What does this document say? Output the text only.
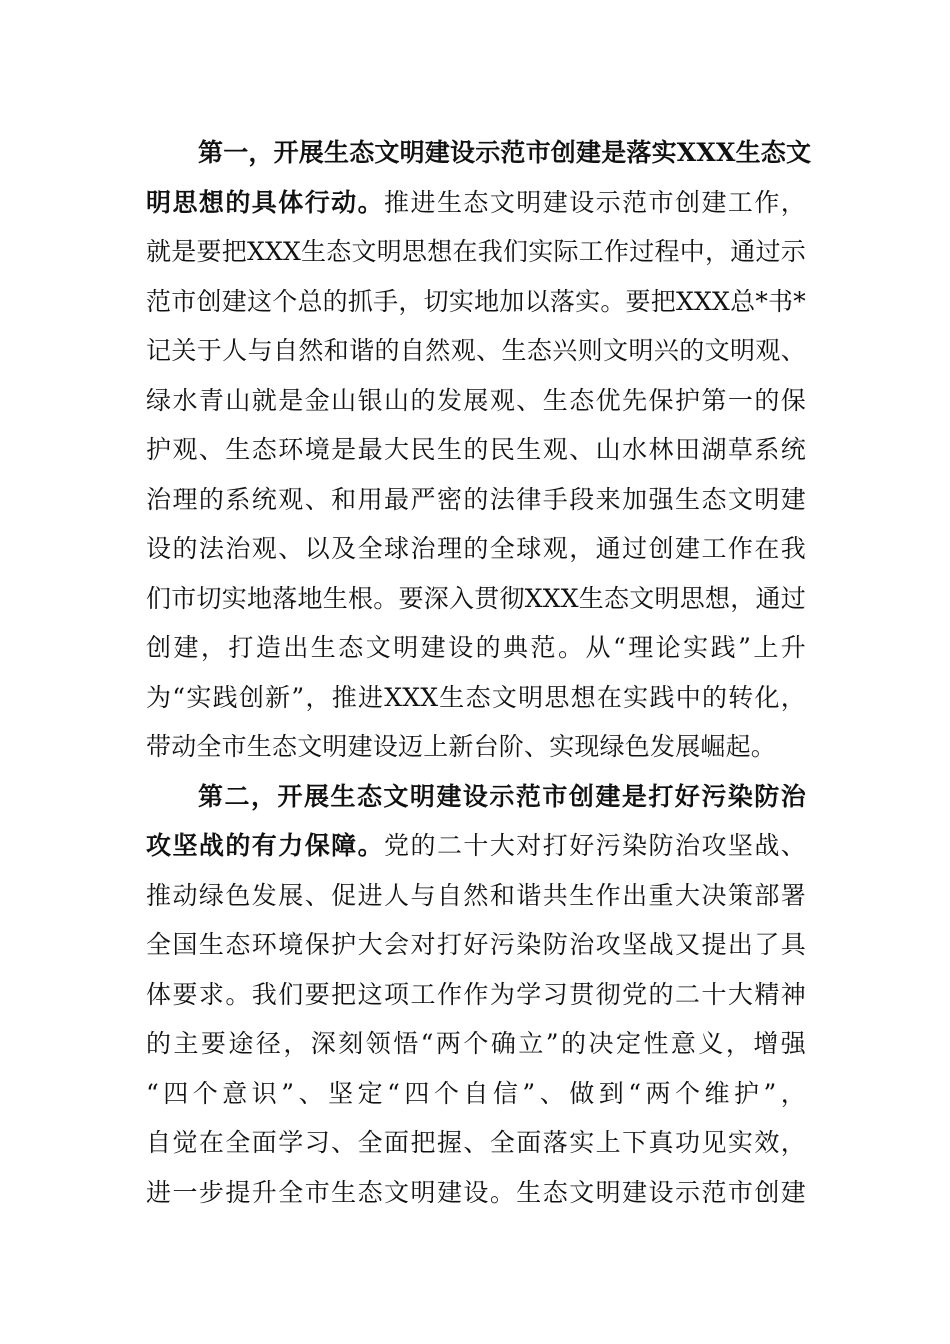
第一，开展生态文明建设示范市创建是落实XXX生态文
明思想的具体行动。推进生态文明建设示范市创建工作，
就是要把XXX生态文明思想在我们实际工作过程中，通过示
范市创建这个总的抓手，切实地加以落实。要把XXX总*书*
记关于人与自然和谐的自然观、生态兴则文明兴的文明观、
绿水青山就是金山银山的发展观、生态优先保护第一的保
护观、生态环境是最大民生的民生观、山水林田湖草系统
治理的系统观、和用最严密的法律手段来加强生态文明建
设的法治观、以及全球治理的全球观，通过创建工作在我
们市切实地落地生根。要深入贯彻XXX生态文明思想，通过
创建，打造出生态文明建设的典范。从“理论实践”上升
为“实践创新”，推进XXX生态文明思想在实践中的转化，
带动全市生态文明建设迈上新台阶、实现绿色发展崛起。
第二，开展生态文明建设示范市创建是打好污染防治
攻坚战的有力保障。党的二十大对打好污染防治攻坚战、
推动绿色发展、促进人与自然和谐共生作出重大决策部署
全国生态环境保护大会对打好污染防治攻坚战又提出了具
体要求。我们要把这项工作作为学习贯彻党的二十大精神
的主要途径，深刻领悟“两个确立”的决定性意义，增强
“四个意识”、坚定“四个自信”、做到“两个维护”，
自觉在全面学习、全面把握、全面落实上下真功见实效，
进一步提升全市生态文明建设。生态文明建设示范市创建
